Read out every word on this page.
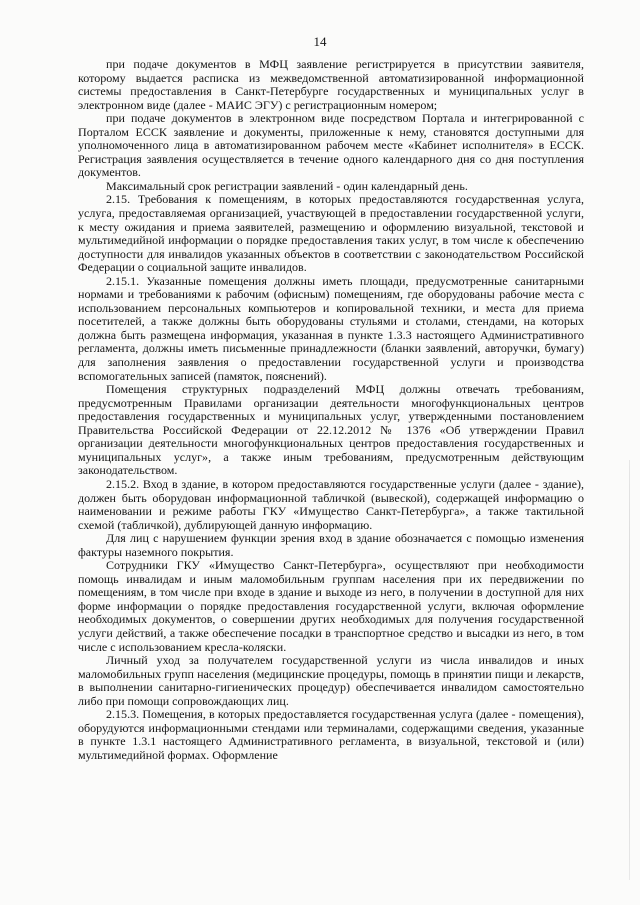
14

при подаче документов в МФЦ заявление регистрируется в присутствии заявителя, которому выдается расписка из межведомственной автоматизированной информационной системы предоставления в Санкт-Петербурге государственных и муниципальных услуг в электронном виде (далее - МАИС ЭГУ) с регистрационным номером;

при подаче документов в электронном виде посредством Портала и интегрированной с Порталом ЕССК заявление и документы, приложенные к нему, становятся доступными для уполномоченного лица в автоматизированном рабочем месте «Кабинет исполнителя» в ЕССК. Регистрация заявления осуществляется в течение одного календарного дня со дня поступления документов.

Максимальный срок регистрации заявлений - один календарный день.

2.15. Требования к помещениям, в которых предоставляются государственная услуга, услуга, предоставляемая организацией, участвующей в предоставлении государственной услуги, к месту ожидания и приема заявителей, размещению и оформлению визуальной, текстовой и мультимедийной информации о порядке предоставления таких услуг, в том числе к обеспечению доступности для инвалидов указанных объектов в соответствии с законодательством Российской Федерации о социальной защите инвалидов.

2.15.1. Указанные помещения должны иметь площади, предусмотренные санитарными нормами и требованиями к рабочим (офисным) помещениям, где оборудованы рабочие места с использованием персональных компьютеров и копировальной техники, и места для приема посетителей, а также должны быть оборудованы стульями и столами, стендами, на которых должна быть размещена информация, указанная в пункте 1.3.3 настоящего Административного регламента, должны иметь письменные принадлежности (бланки заявлений, авторучки, бумагу) для заполнения заявления о предоставлении государственной услуги и производства вспомогательных записей (памяток, пояснений).

Помещения структурных подразделений МФЦ должны отвечать требованиям, предусмотренным Правилами организации деятельности многофункциональных центров предоставления государственных и муниципальных услуг, утвержденными постановлением Правительства Российской Федерации от 22.12.2012 № 1376 «Об утверждении Правил организации деятельности многофункциональных центров предоставления государственных и муниципальных услуг», а также иным требованиям, предусмотренным действующим законодательством.

2.15.2. Вход в здание, в котором предоставляются государственные услуги (далее - здание), должен быть оборудован информационной табличкой (вывеской), содержащей информацию о наименовании и режиме работы ГКУ «Имущество Санкт-Петербурга», а также тактильной схемой (табличкой), дублирующей данную информацию.

Для лиц с нарушением функции зрения вход в здание обозначается с помощью изменения фактуры наземного покрытия.

Сотрудники ГКУ «Имущество Санкт-Петербурга», осуществляют при необходимости помощь инвалидам и иным маломобильным группам населения при их передвижении по помещениям, в том числе при входе в здание и выходе из него, в получении в доступной для них форме информации о порядке предоставления государственной услуги, включая оформление необходимых документов, о совершении других необходимых для получения государственной услуги действий, а также обеспечение посадки в транспортное средство и высадки из него, в том числе с использованием кресла-коляски.

Личный уход за получателем государственной услуги из числа инвалидов и иных маломобильных групп населения (медицинские процедуры, помощь в принятии пищи и лекарств, в выполнении санитарно-гигиенических процедур) обеспечивается инвалидом самостоятельно либо при помощи сопровождающих лиц.

2.15.3. Помещения, в которых предоставляется государственная услуга (далее - помещения), оборудуются информационными стендами или терминалами, содержащими сведения, указанные в пункте 1.3.1 настоящего Административного регламента, в визуальной, текстовой и (или) мультимедийной формах. Оформление
